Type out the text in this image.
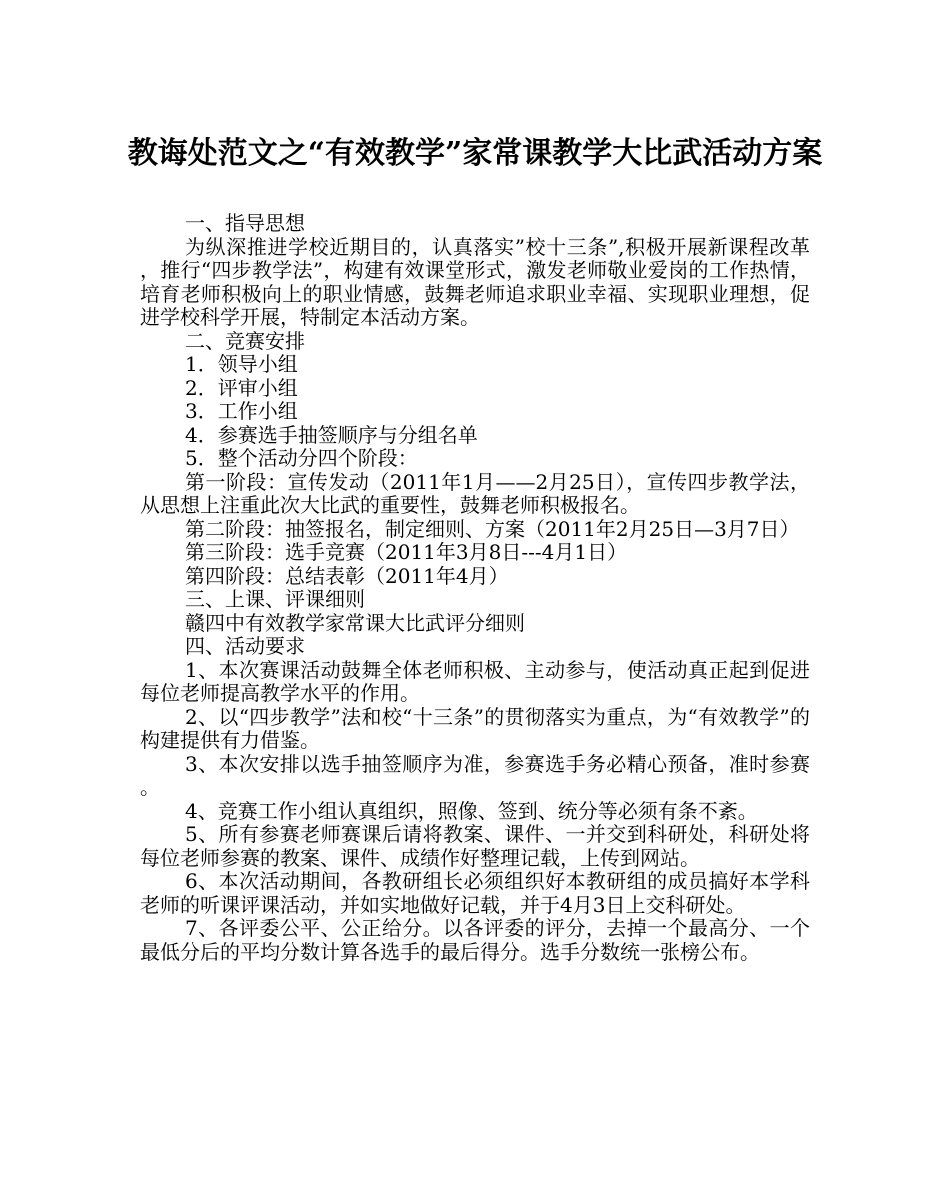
教诲处范文之“有效教学”家常课教学大比武活动方案

一、指导思想

为纵深推进学校近期目的，认真落实”校十三条”,积极开展新课程改革，推行“四步教学法”，构建有效课堂形式，激发老师敬业爱岗的工作热情，培育老师积极向上的职业情感，鼓舞老师追求职业幸福、实现职业理想，促进学校科学开展，特制定本活动方案。

二、竞赛安排

1．领导小组

2．评审小组

3．工作小组

4．参赛选手抽签顺序与分组名单

5．整个活动分四个阶段：

第一阶段：宣传发动（2011年1月——2月25日），宣传四步教学法，从思想上注重此次大比武的重要性，鼓舞老师积极报名。

第二阶段：抽签报名，制定细则、方案（2011年2月25日—3月7日）

第三阶段：选手竞赛（2011年3月8日---4月1日）

第四阶段：总结表彰（2011年4月）

三、上课、评课细则

赣四中有效教学家常课大比武评分细则

四、活动要求

1、本次赛课活动鼓舞全体老师积极、主动参与，使活动真正起到促进每位老师提高教学水平的作用。

2、以“四步教学”法和校“十三条”的贯彻落实为重点，为“有效教学”的构建提供有力借鉴。

3、本次安排以选手抽签顺序为准，参赛选手务必精心预备，准时参赛。

4、竞赛工作小组认真组织，照像、签到、统分等必须有条不紊。

5、所有参赛老师赛课后请将教案、课件、一并交到科研处，科研处将每位老师参赛的教案、课件、成绩作好整理记载，上传到网站。

6、本次活动期间，各教研组长必须组织好本教研组的成员搞好本学科老师的听课评课活动，并如实地做好记载，并于4月3日上交科研处。

7、各评委公平、公正给分。以各评委的评分，去掉一个最高分、一个最低分后的平均分数计算各选手的最后得分。选手分数统一张榜公布。
